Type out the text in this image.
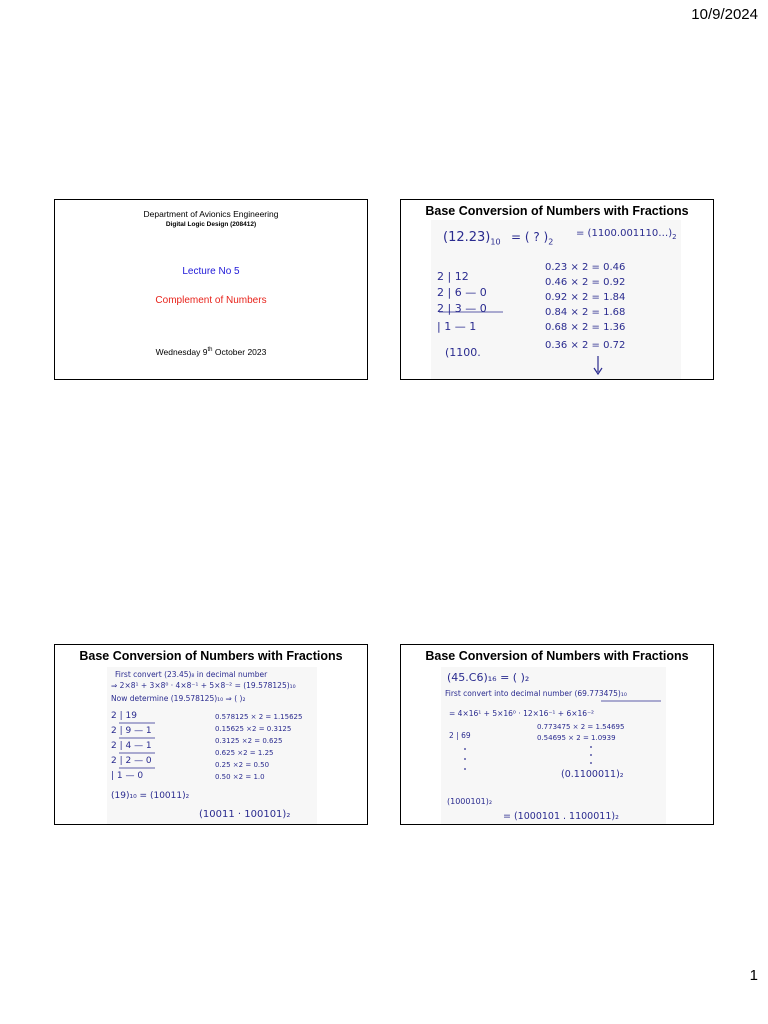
10/9/2024
Department of Avionics Engineering
Digital Logic Design (208412)
Lecture No 5
Complement of Numbers
Wednesday 9th October 2023
Base Conversion of Numbers with Fractions
$(12.23)_{10}$ = ( ? )$_2$
= $(1100.001110\dots)_2$
2 | 12
2 | 6 — 0
2 | 3 — 0
| 1 — 1
(1100.
0.23 × 2 = 0.46
0.46 × 2 = 0.92
0.92 × 2 = 1.84
0.84 × 2 = 1.68
0.68 × 2 = 1.36
0.36 × 2 = 0.72
Base Conversion of Numbers with Fractions
First convert (23.45)₈ in decimal number
⇒ 2×8¹ + 3×8⁰ · 4×8⁻¹ + 5×8⁻² = (19.578125)₁₀
Now determine (19.578125)₁₀ ⇒ ( )₂
2 | 19
2 | 9 — 1
2 | 4 — 1
2 | 2 — 0
| 1 — 0
0.578125 × 2 = 1.15625
0.15625 ×2 = 0.3125
0.3125 ×2 = 0.625
0.625 ×2 = 1.25
0.25 ×2 = 0.50
0.50 ×2 = 1.0
(19)₁₀ = (10011)₂
(10011 · 100101)₂
Base Conversion of Numbers with Fractions
(45.C6)₁₆ = ( )₂
First convert into decimal number (69.773475)₁₀
= 4×16¹ + 5×16⁰ · 12×16⁻¹ + 6×16⁻²
0.773475 × 2 = 1.54695
0.54695 × 2 = 1.0939
2 | 69
(0.1100011)₂
(1000101)₂
= (1000101 . 1100011)₂
1
